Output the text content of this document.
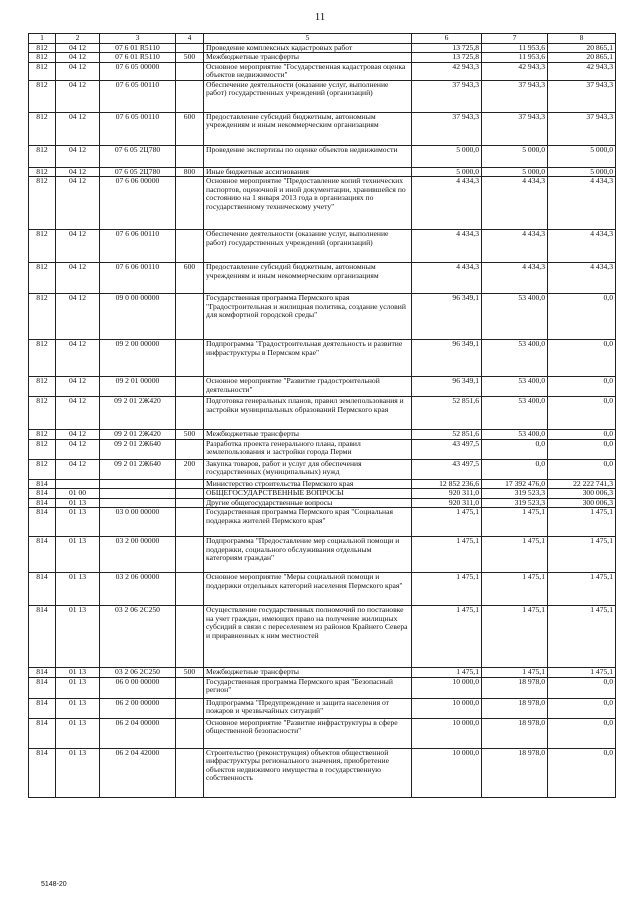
11
1	2	3	4	5	6	7	8
812	04 12	07 6 01 R5110		Проведение комплексных кадастровых работ	13 725,8	11 953,6	20 865,1
812	04 12	07 6 01 R5110	500	Межбюджетные трансферты	13 725,8	11 953,6	20 865,1
812	04 12	07 6 05 00000		Основное мероприятие "Государственная кадастровая оценка объектов недвижимости"	42 943,3	42 943,3	42 943,3
812	04 12	07 6 05 00110		Обеспечение деятельности (оказание услуг, выполнение работ) государственных учреждений (организаций)	37 943,3	37 943,3	37 943,3
812	04 12	07 6 05 00110	600	Предоставление субсидий бюджетным, автономным учреждениям и иным некоммерческим организациям	37 943,3	37 943,3	37 943,3
812	04 12	07 6 05 2Ц780		Проведение экспертизы по оценке объектов недвижимости	5 000,0	5 000,0	5 000,0
812	04 12	07 6 05 2Ц780	800	Иные бюджетные ассигнования	5 000,0	5 000,0	5 000,0
812	04 12	07 6 06 00000		Основное мероприятие "Предоставление копий технических паспортов, оценочной и иной документации, хранившейся по состоянию на 1 января 2013 года в организациях по государственному техническому учету"	4 434,3	4 434,3	4 434,3
812	04 12	07 6 06 00110		Обеспечение деятельности (оказание услуг, выполнение работ) государственных учреждений (организаций)	4 434,3	4 434,3	4 434,3
812	04 12	07 6 06 00110	600	Предоставление субсидий бюджетным, автономным учреждениям и иным некоммерческим организациям	4 434,3	4 434,3	4 434,3
812	04 12	09 0 00 00000		Государственная программа Пермского края "Градостроительная и жилищная политика, создание условий для комфортной городской среды"	96 349,1	53 400,0	0,0
812	04 12	09 2 00 00000		Подпрограмма "Градостроительная деятельность и развитие инфраструктуры в Пермском крае"	96 349,1	53 400,0	0,0
812	04 12	09 2 01 00000		Основное мероприятие "Развитие градостроительной деятельности"	96 349,1	53 400,0	0,0
812	04 12	09 2 01 2Ж420		Подготовка генеральных планов, правил землепользования и застройки муниципальных образований Пермского края	52 851,6	53 400,0	0,0
812	04 12	09 2 01 2Ж420	500	Межбюджетные трансферты	52 851,6	53 400,0	0,0
812	04 12	09 2 01 2Ж640		Разработка проекта генерального плана, правил землепользования и застройки города Перми	43 497,5	0,0	0,0
812	04 12	09 2 01 2Ж640	200	Закупка товаров, работ и услуг для обеспечения государственных (муниципальных) нужд	43 497,5	0,0	0,0
814				Министерство строительства Пермского края	12 852 236,6	17 392 476,0	22 222 741,3
814	01 00			ОБЩЕГОСУДАРСТВЕННЫЕ ВОПРОСЫ	920 311,0	319 523,3	300 006,3
814	01 13			Другие общегосударственные вопросы	920 311,0	319 523,3	300 006,3
814	01 13	03 0 00 00000		Государственная программа Пермского края "Социальная поддержка жителей Пермского края"	1 475,1	1 475,1	1 475,1
814	01 13	03 2 00 00000		Подпрограмма "Предоставление мер социальной помощи и поддержки, социального обслуживания отдельным категориям граждан"	1 475,1	1 475,1	1 475,1
814	01 13	03 2 06 00000		Основное мероприятие "Меры социальной помощи и поддержки отдельных категорий населения Пермского края"	1 475,1	1 475,1	1 475,1
814	01 13	03 2 06 2С250		Осуществление государственных полномочий по постановке на учет граждан, имеющих право на получение жилищных субсидий в связи с переселением из районов Крайнего Севера и приравненных к ним местностей	1 475,1	1 475,1	1 475,1
814	01 13	03 2 06 2С250	500	Межбюджетные трансферты	1 475,1	1 475,1	1 475,1
814	01 13	06 0 00 00000		Государственная программа Пермского края "Безопасный регион"	10 000,0	18 978,0	0,0
814	01 13	06 2 00 00000		Подпрограмма "Предупреждение и защита населения от пожаров и чрезвычайных ситуаций"	10 000,0	18 978,0	0,0
814	01 13	06 2 04 00000		Основное мероприятие "Развитие инфраструктуры в сфере общественной безопасности"	10 000,0	18 978,0	0,0
814	01 13	06 2 04 42000		Строительство (реконструкция) объектов общественной инфраструктуры регионального значения, приобретение объектов недвижимого имущества в государственную собственность	10 000,0	18 978,0	0,0
5148-20
